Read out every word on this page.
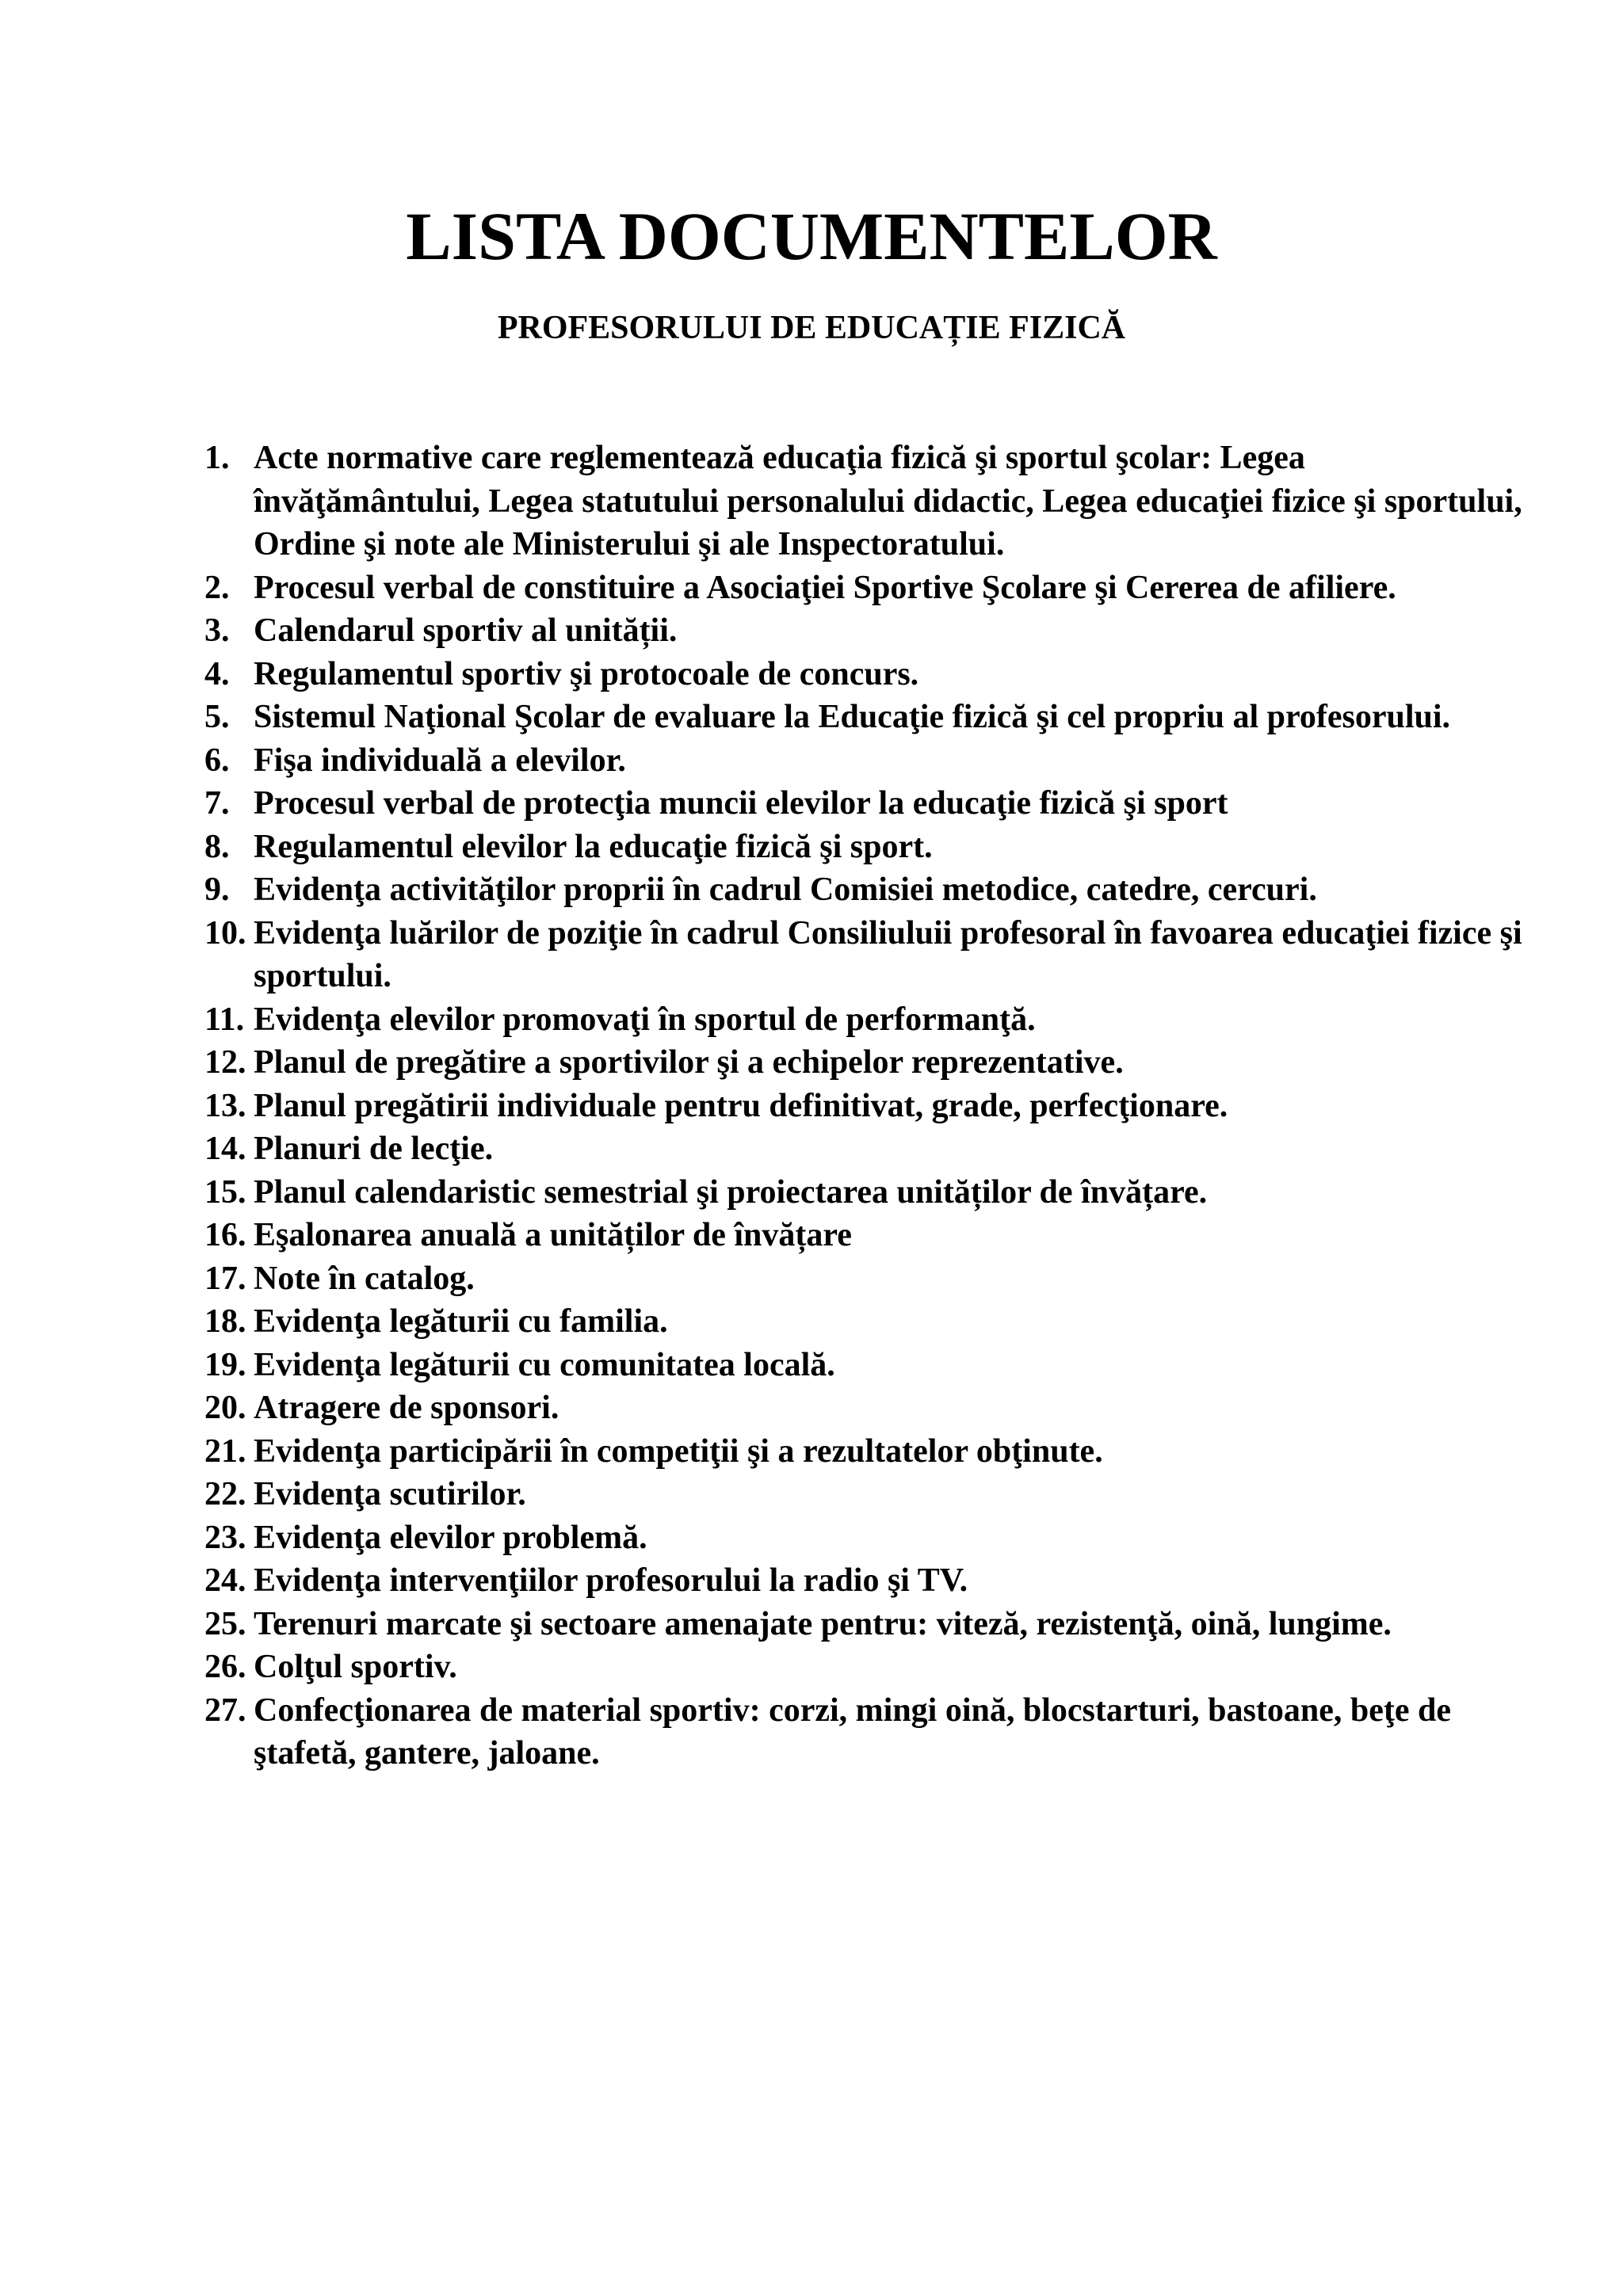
LISTA DOCUMENTELOR
PROFESORULUI DE EDUCAȚIE FIZICĂ
1. Acte normative care reglementează educaţia fizică şi sportul şcolar: Legea învăţământului, Legea statutului personalului didactic, Legea educaţiei fizice şi sportului, Ordine şi note ale Ministerului şi ale Inspectoratului.
2. Procesul verbal de constituire a Asociaţiei Sportive Şcolare şi Cererea de afiliere.
3. Calendarul sportiv al unității.
4. Regulamentul sportiv şi protocoale de concurs.
5. Sistemul Naţional Şcolar de evaluare la Educaţie fizică şi cel propriu al profesorului.
6. Fişa individuală a elevilor.
7. Procesul verbal de protecţia muncii elevilor la educaţie fizică şi sport
8. Regulamentul elevilor la educaţie fizică şi sport.
9. Evidenţa activităţilor proprii în cadrul Comisiei metodice, catedre, cercuri.
10. Evidenţa luărilor de poziţie în cadrul Consiliuluii profesoral în favoarea educaţiei fizice şi sportului.
11. Evidenţa elevilor promovaţi în sportul de performanţă.
12. Planul de pregătire a sportivilor şi a echipelor reprezentative.
13. Planul pregătirii individuale pentru definitivat, grade, perfecţionare.
14. Planuri de lecţie.
15. Planul calendaristic semestrial şi proiectarea unităților de învățare.
16. Eşalonarea anuală a unităților de învățare
17. Note în catalog.
18. Evidenţa legăturii cu familia.
19. Evidenţa legăturii cu comunitatea locală.
20. Atragere de sponsori.
21. Evidenţa participării în competiţii şi a rezultatelor obţinute.
22. Evidenţa scutirilor.
23. Evidenţa elevilor problemă.
24. Evidenţa intervenţiilor profesorului la radio şi TV.
25. Terenuri marcate şi sectoare amenajate pentru: viteză, rezistenţă, oină, lungime.
26. Colţul sportiv.
27. Confecţionarea de material sportiv: corzi, mingi oină, blocstarturi, bastoane, beţe de ştafetă, gantere, jaloane.
